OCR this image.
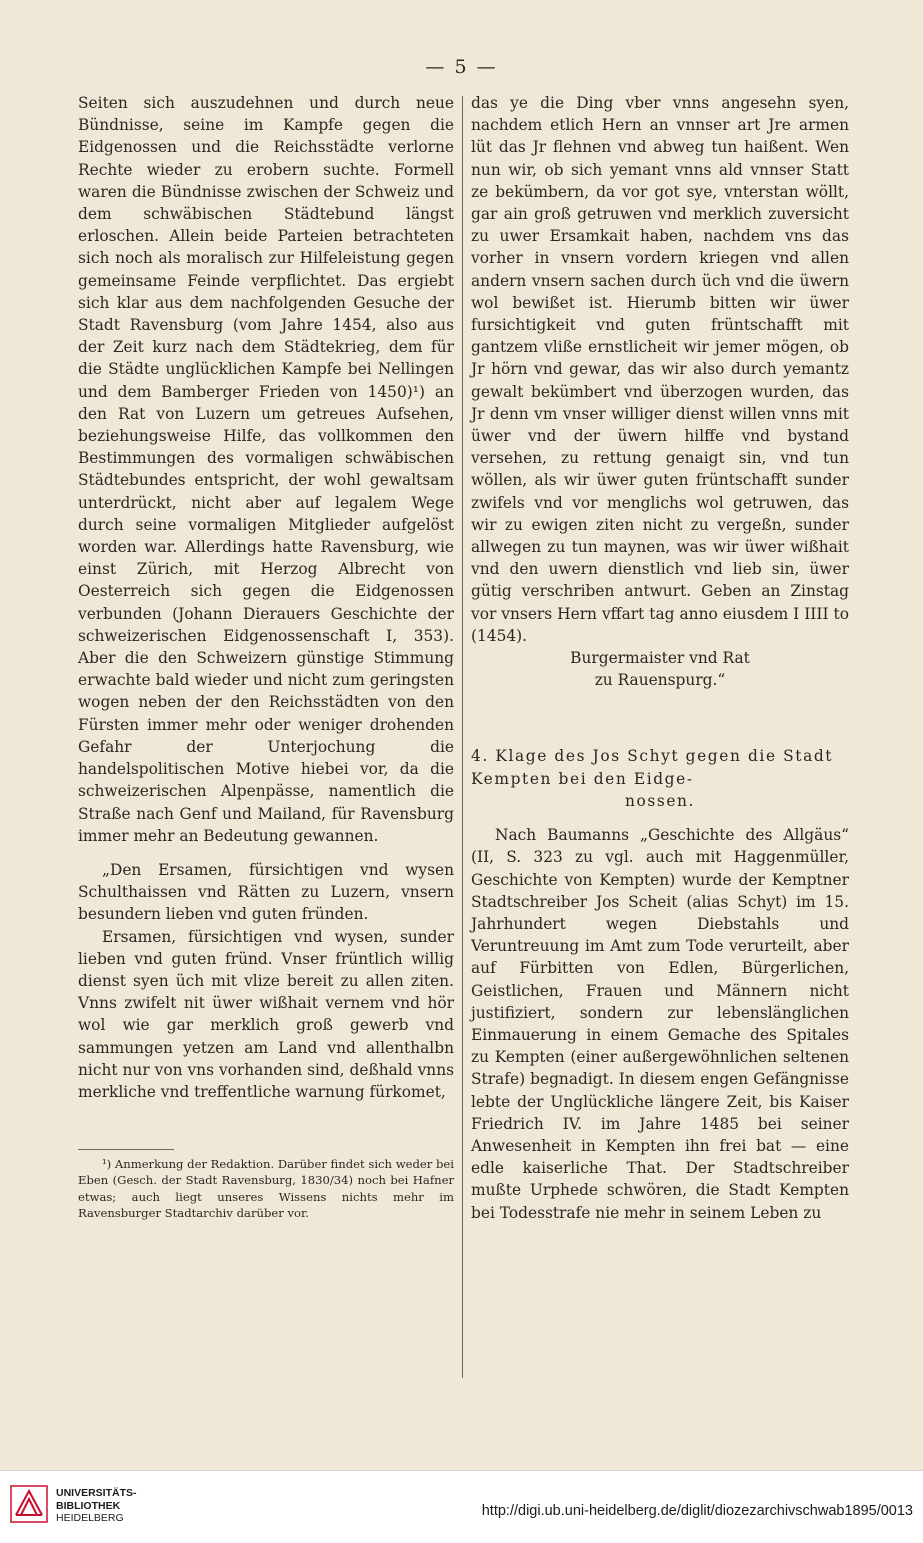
— 5 —

Seiten sich auszudehnen und durch neue Bündnisse, seine im Kampfe gegen die Eidgenossen und die Reichsstädte verlorne Rechte wieder zu erobern suchte. Formell waren die Bündnisse zwischen der Schweiz und dem schwäbischen Städtebund längst erloschen. Allein beide Parteien betrachteten sich noch als moralisch zur Hilfeleistung gegen gemeinsame Feinde verpflichtet. Das ergiebt sich klar aus dem nachfolgenden Gesuche der Stadt Ravensburg (vom Jahre 1454, also aus der Zeit kurz nach dem Städtekrieg, dem für die Städte unglücklichen Kampfe bei Nellingen und dem Bamberger Frieden von 1450)¹) an den Rat von Luzern um getreues Aufsehen, beziehungsweise Hilfe, das vollkommen den Bestimmungen des vormaligen schwäbischen Städtebundes entspricht, der wohl gewaltsam unterdrückt, nicht aber auf legalem Wege durch seine vormaligen Mitglieder aufgelöst worden war. Allerdings hatte Ravensburg, wie einst Zürich, mit Herzog Albrecht von Oesterreich sich gegen die Eidgenossen verbunden (Johann Dierauers Geschichte der schweizerischen Eidgenossenschaft I, 353). Aber die den Schweizern günstige Stimmung erwachte bald wieder und nicht zum geringsten wogen neben der den Reichsstädten von den Fürsten immer mehr oder weniger drohenden Gefahr der Unterjochung die handelspolitischen Motive hiebei vor, da die schweizerischen Alpenpässe, namentlich die Straße nach Genf und Mailand, für Ravensburg immer mehr an Bedeutung gewannen.

„Den Ersamen, fürsichtigen vnd wysen Schulthaissen vnd Rätten zu Luzern, vnsern besundern lieben vnd guten fründen.

Ersamen, fürsichtigen vnd wysen, sunder lieben vnd guten fründ. Vnser früntlich willig dienst syen üch mit vlize bereit zu allen ziten. Vnns zwifelt nit üwer wißhait vernem vnd hör wol wie gar merklich groß gewerb vnd sammungen yetzen am Land vnd allenthalbn nicht nur von vns vorhanden sind, deßhald vnns merkliche vnd treffentliche warnung fürkomet,

¹) Anmerkung der Redaktion. Darüber findet sich weder bei Eben (Gesch. der Stadt Ravensburg, 1830/34) noch bei Hafner etwas; auch liegt unseres Wissens nichts mehr im Ravensburger Stadtarchiv darüber vor.

das ye die Ding vber vnns angesehn syen, nachdem etlich Hern an vnnser art Jre armen lüt das Jr flehnen vnd abweg tun haißent. Wen nun wir, ob sich yemant vnns ald vnnser Statt ze bekümbern, da vor got sye, vnterstan wöllt, gar ain groß getruwen vnd merklich zuversicht zu uwer Ersamkait haben, nachdem vns das vorher in vnsern vordern kriegen vnd allen andern vnsern sachen durch üch vnd die üwern wol bewißet ist. Hierumb bitten wir üwer fursichtigkeit vnd guten früntschafft mit gantzem vliße ernstlicheit wir jemer mögen, ob Jr hörn vnd gewar, das wir also durch yemantz gewalt bekümbert vnd überzogen wurden, das Jr denn vm vnser williger dienst willen vnns mit üwer vnd der üwern hilffe vnd bystand versehen, zu rettung genaigt sin, vnd tun wöllen, als wir üwer guten früntschafft sunder zwifels vnd vor menglichs wol getruwen, das wir zu ewigen ziten nicht zu vergeßn, sunder allwegen zu tun maynen, was wir üwer wißhait vnd den uwern dienstlich vnd lieb sin, üwer gütig verschriben antwurt. Geben an Zinstag vor vnsers Hern vffart tag anno eiusdem I IIII to (1454).

Burgermaister vnd Rat

zu Rauenspurg.“

4. Klage des Jos Schyt gegen die Stadt Kempten bei den Eidge-
nossen.

Nach Baumanns „Geschichte des Allgäus“ (II, S. 323 zu vgl. auch mit Haggenmüller, Geschichte von Kempten) wurde der Kemptner Stadtschreiber Jos Scheit (alias Schyt) im 15. Jahrhundert wegen Diebstahls und Veruntreuung im Amt zum Tode verurteilt, aber auf Fürbitten von Edlen, Bürgerlichen, Geistlichen, Frauen und Männern nicht justifiziert, sondern zur lebenslänglichen Einmauerung in einem Gemache des Spitales zu Kempten (einer außergewöhnlichen seltenen Strafe) begnadigt. In diesem engen Gefängnisse lebte der Unglückliche längere Zeit, bis Kaiser Friedrich IV. im Jahre 1485 bei seiner Anwesenheit in Kempten ihn frei bat — eine edle kaiserliche That. Der Stadtschreiber mußte Urphede schwören, die Stadt Kempten bei Todesstrafe nie mehr in seinem Leben zu

UNIVERSITÄTS-
BIBLIOTHEK
HEIDELBERG	http://digi.ub.uni-heidelberg.de/diglit/diozezarchivschwab1895/0013
